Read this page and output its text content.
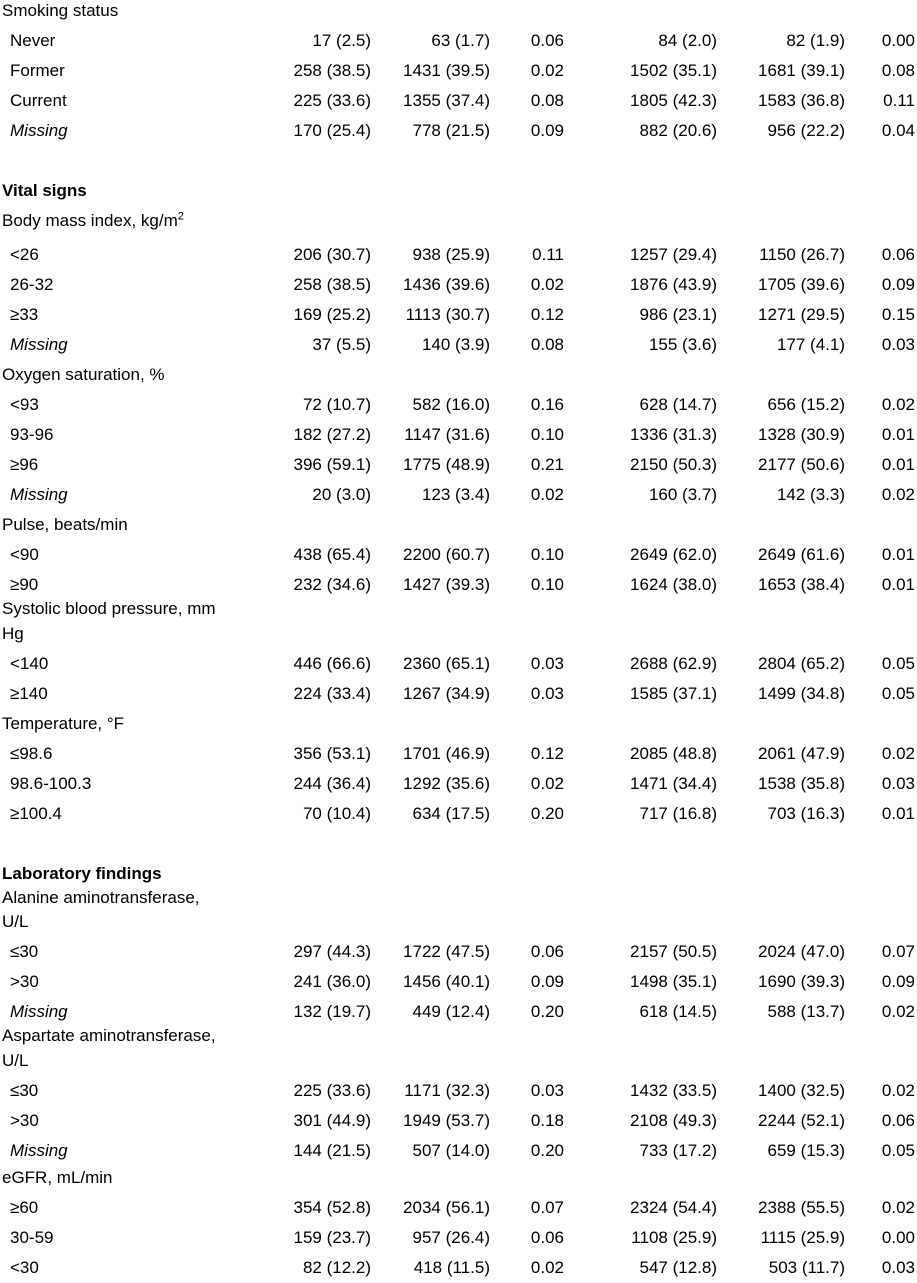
Smoking status
Never	17 (2.5)	63 (1.7) 0.06	84 (2.0)	82 (1.9) 0.00
Former	258 (38.5) 1431 (39.5) 0.02	1502 (35.1) 1681 (39.1) 0.08
Current	225 (33.6) 1355 (37.4) 0.08	1805 (42.3) 1583 (36.8) 0.11
Missing	170 (25.4) 778 (21.5) 0.09	882 (20.6)	956 (22.2) 0.04
Vital signs
Body mass index, $kg/m^2$
<26	206 (30.7) 938 (25.9) 0.11	1257 (29.4) 1150 (26.7) 0.06
26-32	258 (38.5) 1436 (39.6) 0.02	1876 (43.9) 1705 (39.6) 0.09
≥33	169 (25.2) 1113 (30.7) 0.12	986 (23.1) 1271 (29.5) 0.15
Missing	37 (5.5)	140 (3.9) 0.08	155 (3.6)	177 (4.1) 0.03
Oxygen saturation, %
<93	72 (10.7) 582 (16.0) 0.16	628 (14.7)	656 (15.2) 0.02
93-96	182 (27.2) 1147 (31.6) 0.10	1336 (31.3) 1328 (30.9) 0.01
≥96	396 (59.1) 1775 (48.9) 0.21	2150 (50.3) 2177 (50.6) 0.01
Missing	20 (3.0)	123 (3.4) 0.02	160 (3.7)	142 (3.3) 0.02
Pulse, beats/min
<90	438 (65.4) 2200 (60.7) 0.10	2649 (62.0) 2649 (61.6) 0.01
≥90	232 (34.6) 1427 (39.3) 0.10	1624 (38.0) 1653 (38.4) 0.01
Systolic blood pressure, mm
Hg
<140	446 (66.6) 2360 (65.1) 0.03	2688 (62.9) 2804 (65.2) 0.05
≥140	224 (33.4) 1267 (34.9) 0.03	1585 (37.1) 1499 (34.8) 0.05
Temperature, °F
≤98.6	356 (53.1) 1701 (46.9) 0.12	2085 (48.8) 2061 (47.9) 0.02
98.6-100.3	244 (36.4) 1292 (35.6) 0.02	1471 (34.4) 1538 (35.8) 0.03
≥100.4	70 (10.4) 634 (17.5) 0.20	717 (16.8)	703 (16.3) 0.01
Laboratory findings
Alanine aminotransferase,
U/L
≤30	297 (44.3) 1722 (47.5) 0.06	2157 (50.5) 2024 (47.0) 0.07
>30	241 (36.0) 1456 (40.1) 0.09	1498 (35.1) 1690 (39.3) 0.09
Missing	132 (19.7) 449 (12.4) 0.20	618 (14.5)	588 (13.7) 0.02
Aspartate aminotransferase,
U/L
≤30	225 (33.6) 1171 (32.3) 0.03	1432 (33.5) 1400 (32.5) 0.02
>30	301 (44.9) 1949 (53.7) 0.18	2108 (49.3) 2244 (52.1) 0.06
Missing	144 (21.5) 507 (14.0) 0.20	733 (17.2)	659 (15.3) 0.05
eGFR, mL/min
≥60	354 (52.8) 2034 (56.1) 0.07	2324 (54.4) 2388 (55.5) 0.02
30-59	159 (23.7) 957 (26.4) 0.06	1108 (25.9)	1115 (25.9) 0.00
<30	82 (12.2)	418 (11.5) 0.02	547 (12.8)	503 (11.7) 0.03
